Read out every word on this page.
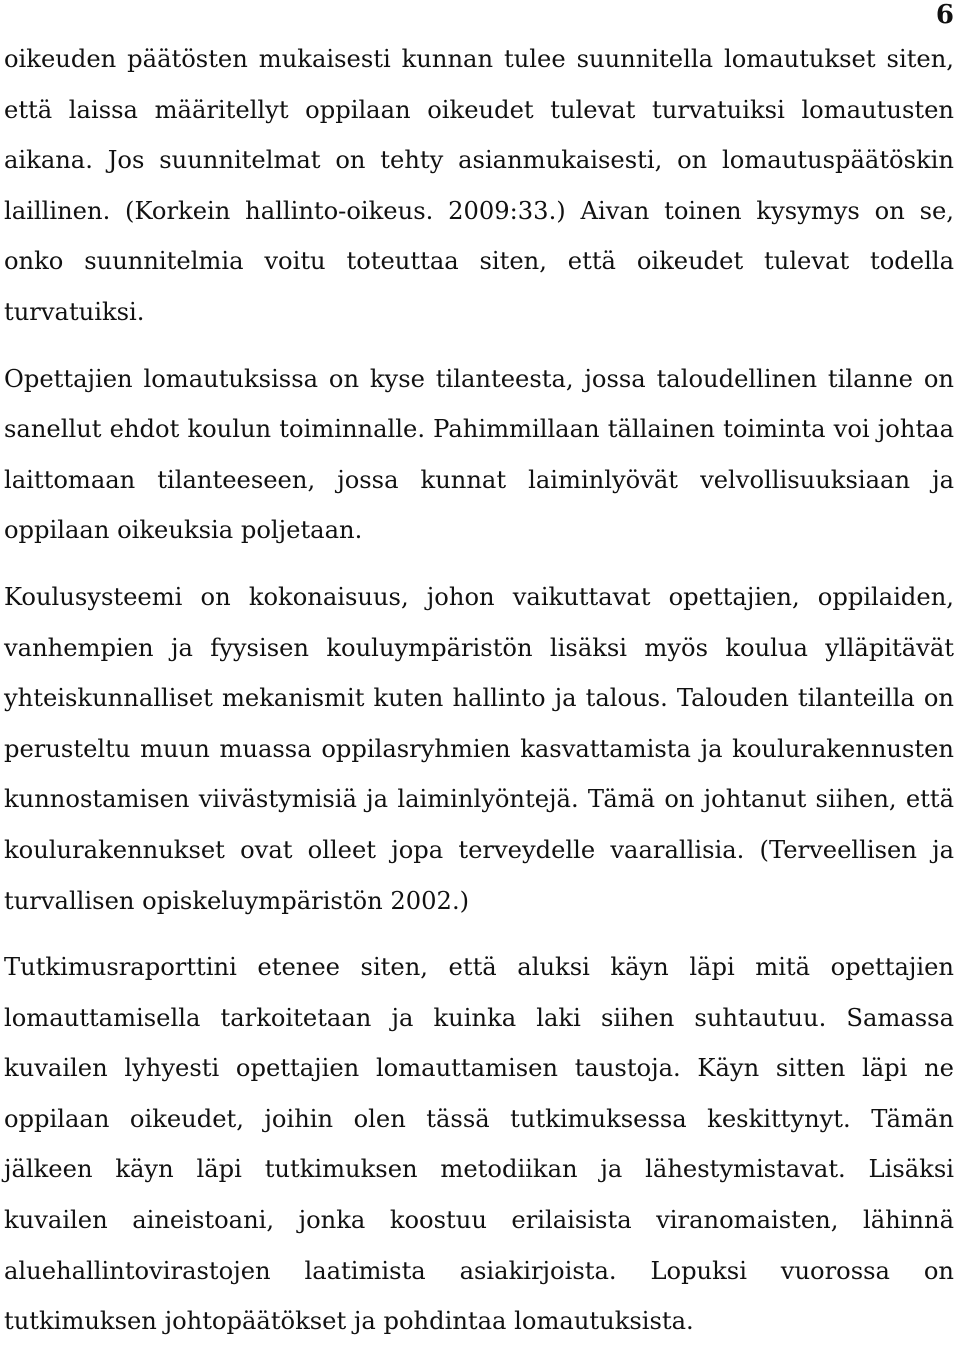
6

oikeuden päätösten mukaisesti kunnan tulee suunnitella lomautukset siten, että laissa määritellyt oppilaan oikeudet tulevat turvatuiksi lomautusten aikana. Jos suunnitelmat on tehty asianmukaisesti, on lomautuspäätöskin laillinen. (Korkein hallinto-oikeus. 2009:33.) Aivan toinen kysymys on se, onko suunnitelmia voitu toteuttaa siten, että oikeudet tulevat todella turvatuiksi.

Opettajien lomautuksissa on kyse tilanteesta, jossa taloudellinen tilanne on sanellut ehdot koulun toiminnalle. Pahimmillaan tällainen toiminta voi johtaa laittomaan tilanteeseen, jossa kunnat laiminlyövät velvollisuuksiaan ja oppilaan oikeuksia poljetaan.

Koulusysteemi on kokonaisuus, johon vaikuttavat opettajien, oppilaiden, vanhempien ja fyysisen kouluympäristön lisäksi myös koulua ylläpitävät yhteiskunnalliset mekanismit kuten hallinto ja talous. Talouden tilanteilla on perusteltu muun muassa oppilasryhmien kasvattamista ja koulurakennusten kunnostamisen viivästymisiä ja laiminlyöntejä. Tämä on johtanut siihen, että koulurakennukset ovat olleet jopa terveydelle vaarallisia. (Terveellisen ja turvallisen opiskeluympäristön 2002.)

Tutkimusraporttini etenee siten, että aluksi käyn läpi mitä opettajien lomauttamisella tarkoitetaan ja kuinka laki siihen suhtautuu. Samassa kuvailen lyhyesti opettajien lomauttamisen taustoja. Käyn sitten läpi ne oppilaan oikeudet, joihin olen tässä tutkimuksessa keskittynyt. Tämän jälkeen käyn läpi tutkimuksen metodiikan ja lähestymistavat. Lisäksi kuvailen aineistoani, jonka koostuu erilaisista viranomaisten, lähinnä aluehallintovirastojen laatimista asiakirjoista. Lopuksi vuorossa on tutkimuksen johtopäätökset ja pohdintaa lomautuksista.
